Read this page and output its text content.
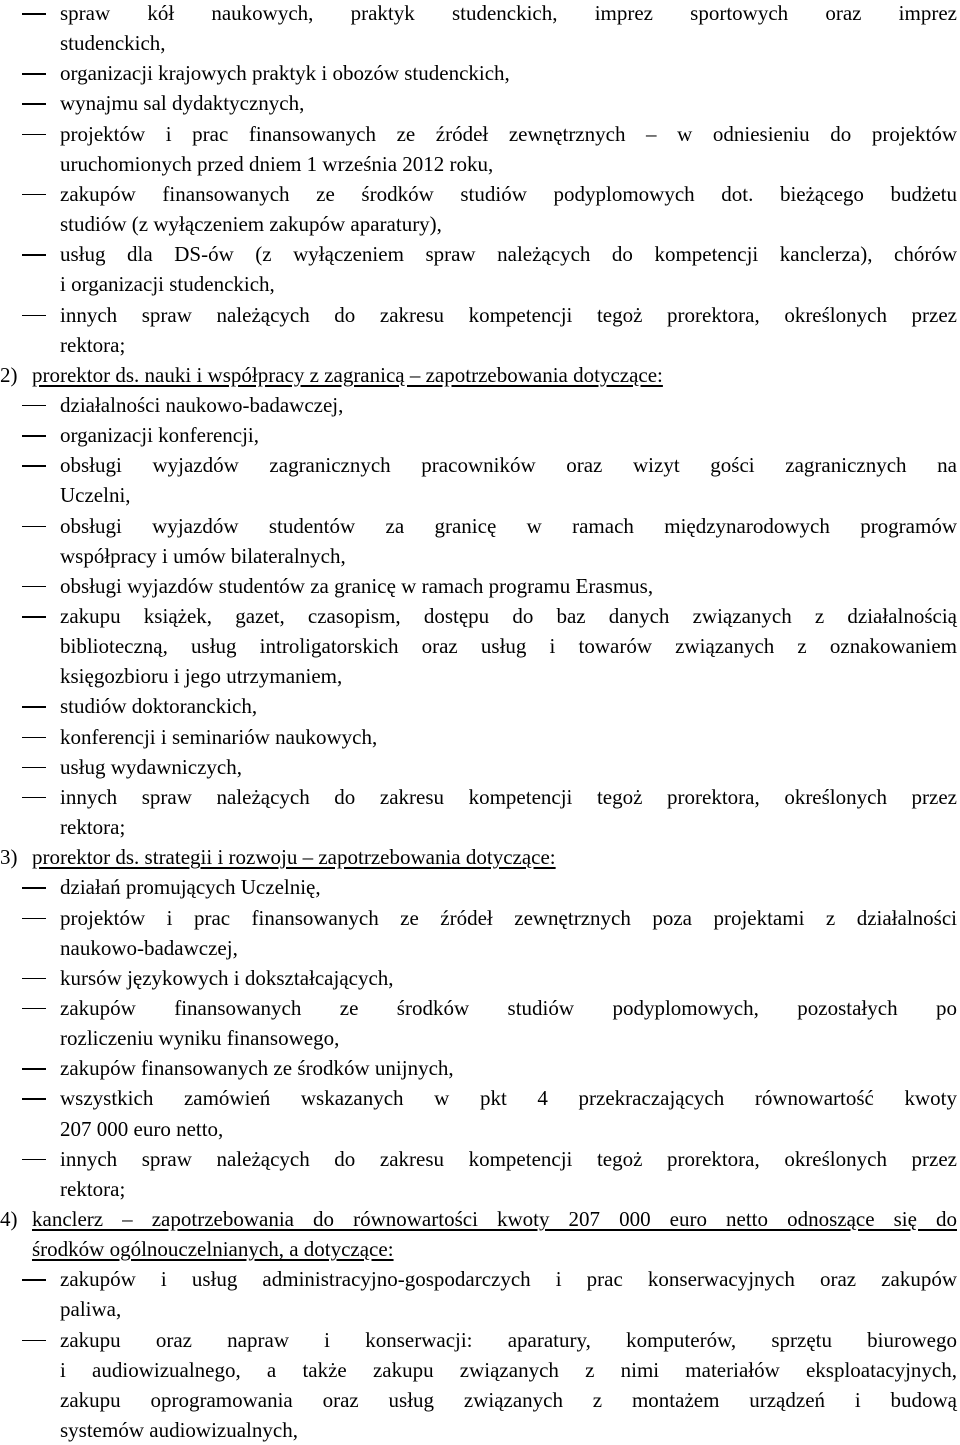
spraw kół naukowych, praktyk studenckich, imprez sportowych oraz imprez
studenckich,
organizacji krajowych praktyk i obozów studenckich,
wynajmu sal dydaktycznych,
projektów i prac finansowanych ze źródeł zewnętrznych – w odniesieniu do projektów
uruchomionych przed dniem 1 września 2012 roku,
zakupów finansowanych ze środków studiów podyplomowych dot. bieżącego budżetu
studiów (z wyłączeniem zakupów aparatury),
usług dla DS-ów (z wyłączeniem spraw należących do kompetencji kanclerza), chórów
i organizacji studenckich,
innych spraw należących do zakresu kompetencji tegoż prorektora, określonych przez
rektora;
2) prorektor ds. nauki i współpracy z zagranicą – zapotrzebowania dotyczące:
działalności naukowo-badawczej,
organizacji konferencji,
obsługi wyjazdów zagranicznych pracowników oraz wizyt gości zagranicznych na
Uczelni,
obsługi wyjazdów studentów za granicę w ramach międzynarodowych programów
współpracy i umów bilateralnych,
obsługi wyjazdów studentów za granicę w ramach programu Erasmus,
zakupu książek, gazet, czasopism, dostępu do baz danych związanych z działalnością
biblioteczną, usług introligatorskich oraz usług i towarów związanych z oznakowaniem
księgozbioru i jego utrzymaniem,
studiów doktoranckich,
konferencji i seminariów naukowych,
usług wydawniczych,
innych spraw należących do zakresu kompetencji tegoż prorektora, określonych przez
rektora;
3) prorektor ds. strategii i rozwoju – zapotrzebowania dotyczące:
działań promujących Uczelnię,
projektów i prac finansowanych ze źródeł zewnętrznych poza projektami z działalności
naukowo-badawczej,
kursów językowych i dokształcających,
zakupów finansowanych ze środków studiów podyplomowych, pozostałych po
rozliczeniu wyniku finansowego,
zakupów finansowanych ze środków unijnych,
wszystkich zamówień wskazanych w pkt 4 przekraczających równowartość kwoty
207 000 euro netto,
innych spraw należących do zakresu kompetencji tegoż prorektora, określonych przez
rektora;
4) kanclerz – zapotrzebowania do równowartości kwoty 207 000 euro netto odnoszące się do
środków ogólnouczelnianych, a dotyczące:
zakupów i usług administracyjno-gospodarczych i prac konserwacyjnych oraz zakupów
paliwa,
zakupu oraz napraw i konserwacji: aparatury, komputerów, sprzętu biurowego
i audiowizualnego, a także zakupu związanych z nimi materiałów eksploatacyjnych,
zakupu oprogramowania oraz usług związanych z montażem urządzeń i budową
systemów audiowizualnych,
